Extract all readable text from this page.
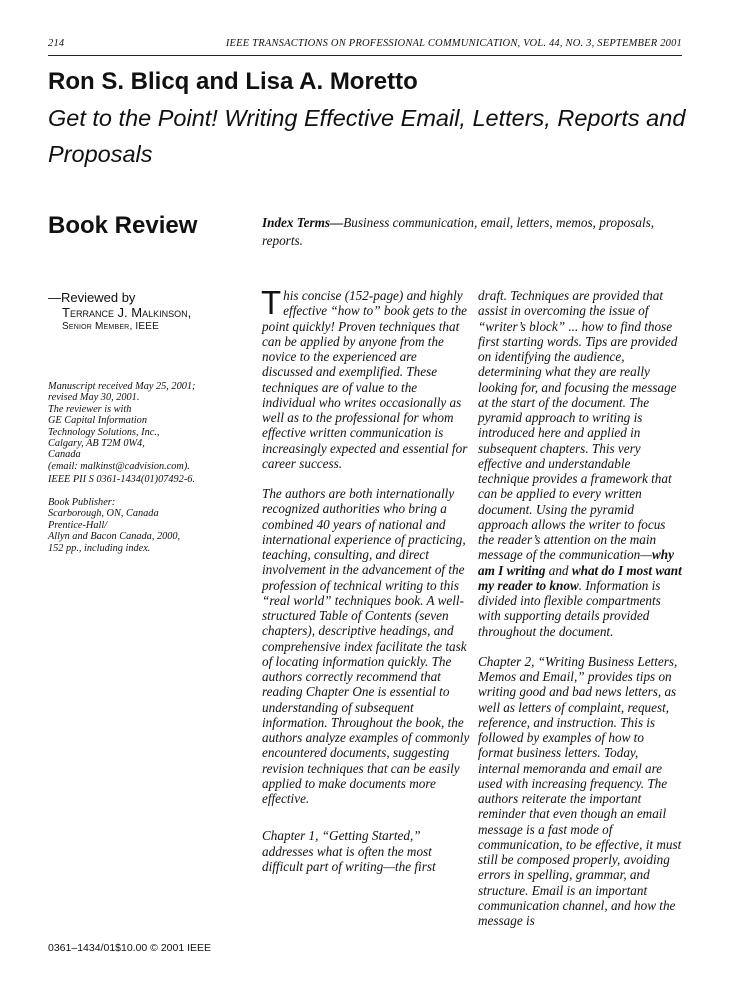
214	IEEE TRANSACTIONS ON PROFESSIONAL COMMUNICATION, VOL. 44, NO. 3, SEPTEMBER 2001
Ron S. Blicq and Lisa A. Moretto
Get to the Point! Writing Effective Email, Letters, Reports and Proposals
Book Review	Index Terms—Business communication, email, letters, memos, proposals, reports.
—Reviewed by
Terrance J. Malkinson,
Senior Member, IEEE
Manuscript received May 25, 2001;
revised May 30, 2001.
The reviewer is with
GE Capital Information
Technology Solutions, Inc.,
Calgary, AB T2M 0W4,
Canada
(email: malkinst@cadvision.com).
IEEE PII S 0361-1434(01)07492-6.
Book Publisher:
Scarborough, ON, Canada
Prentice-Hall/
Allyn and Bacon Canada, 2000,
152 pp., including index.

This concise (152-page) and highly effective “how to” book gets to the point quickly! Proven techniques that can be applied by anyone from the novice to the experienced are discussed and exemplified. These techniques are of value to the individual who writes occasionally as well as to the professional for whom effective written communication is increasingly expected and essential for career success.

The authors are both internationally recognized authorities who bring a combined 40 years of national and international experience of practicing, teaching, consulting, and direct involvement in the advancement of the profession of technical writing to this “real world” techniques book. A well-structured Table of Contents (seven chapters), descriptive headings, and comprehensive index facilitate the task of locating information quickly. The authors correctly recommend that reading Chapter One is essential to understanding of subsequent information. Throughout the book, the authors analyze examples of commonly encountered documents, suggesting revision techniques that can be easily applied to make documents more effective.

Chapter 1, “Getting Started,” addresses what is often the most difficult part of writing—the first

draft. Techniques are provided that assist in overcoming the issue of “writer’s block” ... how to find those first starting words. Tips are provided on identifying the audience, determining what they are really looking for, and focusing the message at the start of the document. The pyramid approach to writing is introduced here and applied in subsequent chapters. This very effective and understandable technique provides a framework that can be applied to every written document. Using the pyramid approach allows the writer to focus the reader’s attention on the main message of the communication—why am I writing and what do I most want my reader to know. Information is divided into flexible compartments with supporting details provided throughout the document.

Chapter 2, “Writing Business Letters, Memos and Email,” provides tips on writing good and bad news letters, as well as letters of complaint, request, reference, and instruction. This is followed by examples of how to format business letters. Today, internal memoranda and email are used with increasing frequency. The authors reiterate the important reminder that even though an email message is a fast mode of communication, to be effective, it must still be composed properly, avoiding errors in spelling, grammar, and structure. Email is an important communication channel, and how the message is

0361–1434/01$10.00 © 2001 IEEE
